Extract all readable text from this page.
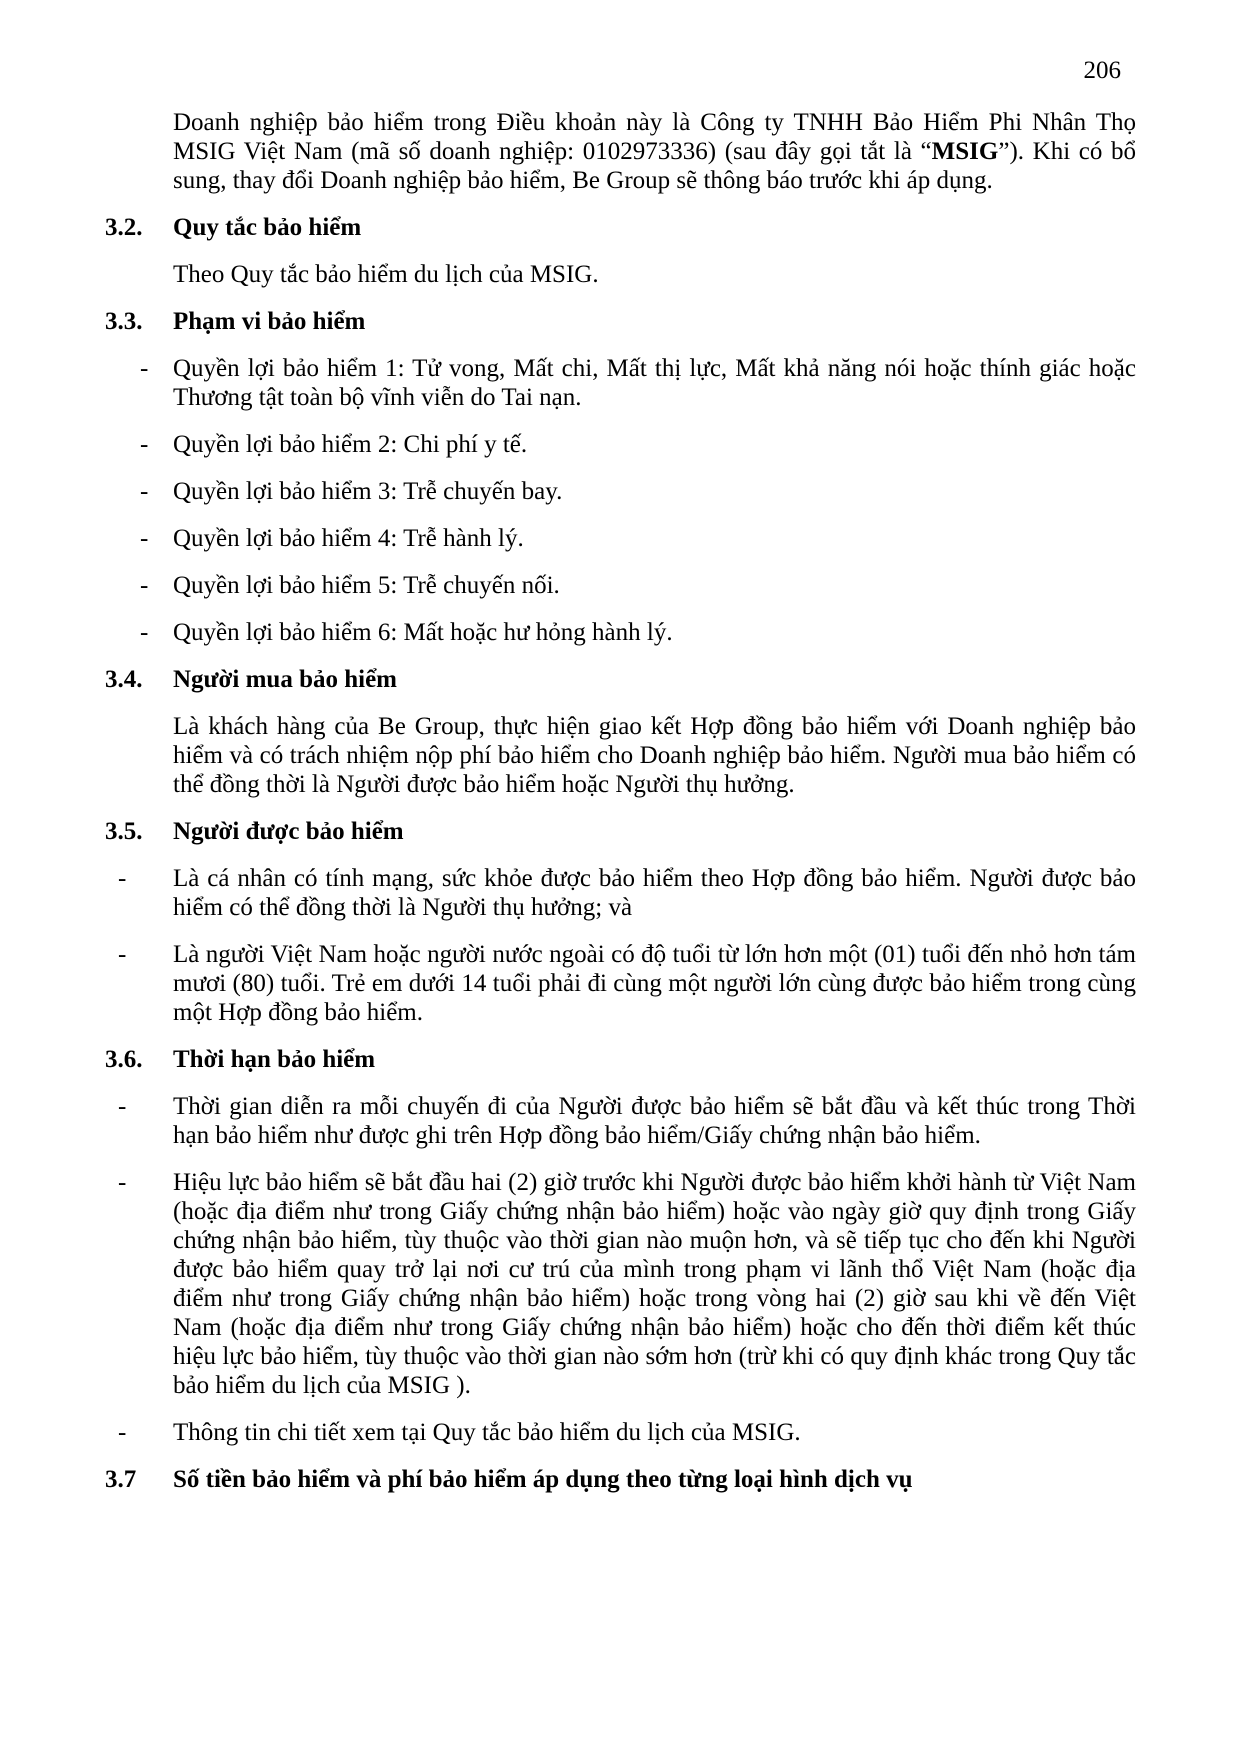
206
Doanh nghiệp bảo hiểm trong Điều khoản này là Công ty TNHH Bảo Hiểm Phi Nhân Thọ MSIG Việt Nam (mã số doanh nghiệp: 0102973336) (sau đây gọi tắt là “MSIG”). Khi có bổ sung, thay đổi Doanh nghiệp bảo hiểm, Be Group sẽ thông báo trước khi áp dụng.
3.2. Quy tắc bảo hiểm
Theo Quy tắc bảo hiểm du lịch của MSIG.
3.3. Phạm vi bảo hiểm
- Quyền lợi bảo hiểm 1: Tử vong, Mất chi, Mất thị lực, Mất khả năng nói hoặc thính giác hoặc Thương tật toàn bộ vĩnh viễn do Tai nạn.
- Quyền lợi bảo hiểm 2: Chi phí y tế.
- Quyền lợi bảo hiểm 3: Trễ chuyến bay.
- Quyền lợi bảo hiểm 4: Trễ hành lý.
- Quyền lợi bảo hiểm 5: Trễ chuyến nối.
- Quyền lợi bảo hiểm 6: Mất hoặc hư hỏng hành lý.
3.4. Người mua bảo hiểm
Là khách hàng của Be Group, thực hiện giao kết Hợp đồng bảo hiểm với Doanh nghiệp bảo hiểm và có trách nhiệm nộp phí bảo hiểm cho Doanh nghiệp bảo hiểm. Người mua bảo hiểm có thể đồng thời là Người được bảo hiểm hoặc Người thụ hưởng.
3.5. Người được bảo hiểm
- Là cá nhân có tính mạng, sức khỏe được bảo hiểm theo Hợp đồng bảo hiểm. Người được bảo hiểm có thể đồng thời là Người thụ hưởng; và
- Là người Việt Nam hoặc người nước ngoài có độ tuổi từ lớn hơn một (01) tuổi đến nhỏ hơn tám mươi (80) tuổi. Trẻ em dưới 14 tuổi phải đi cùng một người lớn cùng được bảo hiểm trong cùng một Hợp đồng bảo hiểm.
3.6. Thời hạn bảo hiểm
- Thời gian diễn ra mỗi chuyến đi của Người được bảo hiểm sẽ bắt đầu và kết thúc trong Thời hạn bảo hiểm như được ghi trên Hợp đồng bảo hiểm/Giấy chứng nhận bảo hiểm.
- Hiệu lực bảo hiểm sẽ bắt đầu hai (2) giờ trước khi Người được bảo hiểm khởi hành từ Việt Nam (hoặc địa điểm như trong Giấy chứng nhận bảo hiểm) hoặc vào ngày giờ quy định trong Giấy chứng nhận bảo hiểm, tùy thuộc vào thời gian nào muộn hơn, và sẽ tiếp tục cho đến khi Người được bảo hiểm quay trở lại nơi cư trú của mình trong phạm vi lãnh thổ Việt Nam (hoặc địa điểm như trong Giấy chứng nhận bảo hiểm) hoặc trong vòng hai (2) giờ sau khi về đến Việt Nam (hoặc địa điểm như trong Giấy chứng nhận bảo hiểm) hoặc cho đến thời điểm kết thúc hiệu lực bảo hiểm, tùy thuộc vào thời gian nào sớm hơn (trừ khi có quy định khác trong Quy tắc bảo hiểm du lịch của MSIG ).
- Thông tin chi tiết xem tại Quy tắc bảo hiểm du lịch của MSIG.
3.7 Số tiền bảo hiểm và phí bảo hiểm áp dụng theo từng loại hình dịch vụ
